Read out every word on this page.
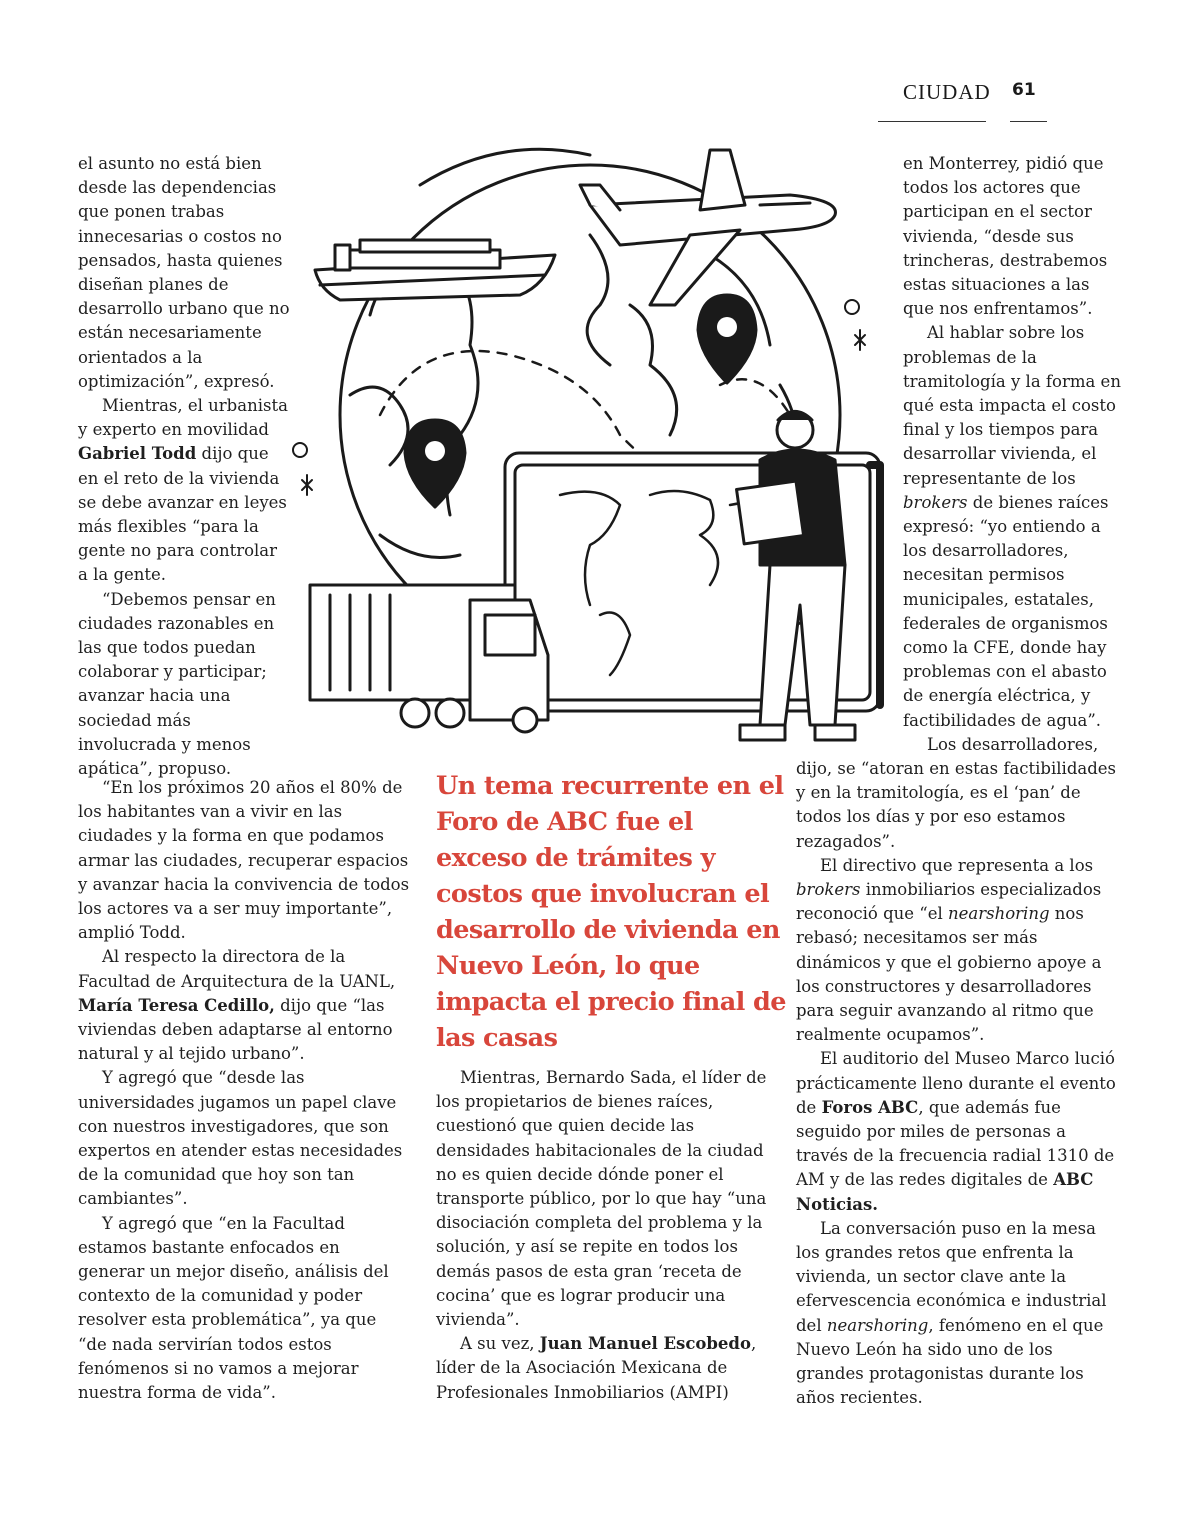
CIUDAD 61

el asunto no está bien desde las dependencias que ponen trabas innecesarias o costos no pensados, hasta quienes diseñan planes de desarrollo urbano que no están necesariamente orientados a la optimización”, expresó.

Mientras, el urbanista y experto en movilidad Gabriel Todd dijo que en el reto de la vivienda se debe avanzar en leyes más flexibles “para la gente no para controlar a la gente.

“Debemos pensar en ciudades razonables en las que todos puedan colaborar y participar; avanzar hacia una sociedad más involucrada y menos apática”, propuso.

“En los próximos 20 años el 80% de los habitantes van a vivir en las ciudades y la forma en que podamos armar las ciudades, recuperar espacios y avanzar hacia la convivencia de todos los actores va a ser muy importante”, amplió Todd.

Al respecto la directora de la Facultad de Arquitectura de la UANL, María Teresa Cedillo, dijo que “las viviendas deben adaptarse al entorno natural y al tejido urbano”.

Y agregó que “desde las universidades jugamos un papel clave con nuestros investigadores, que son expertos en atender estas necesidades de la comunidad que hoy son tan cambiantes”.

Y agregó que “en la Facultad estamos bastante enfocados en generar un mejor diseño, análisis del contexto de la comunidad y poder resolver esta problemática”, ya que “de nada servirían todos estos fenómenos si no vamos a mejorar nuestra forma de vida”.

Un tema recurrente en el Foro de ABC fue el exceso de trámites y costos que involucran el desarrollo de vivienda en Nuevo León, lo que impacta el precio final de las casas

Mientras, Bernardo Sada, el líder de los propietarios de bienes raíces, cuestionó que quien decide las densidades habitacionales de la ciudad no es quien decide dónde poner el transporte público, por lo que hay “una disociación completa del problema y la solución, y así se repite en todos los demás pasos de esta gran ‘receta de cocina’ que es lograr producir una vivienda”.

A su vez, Juan Manuel Escobedo, líder de la Asociación Mexicana de Profesionales Inmobiliarios (AMPI)

en Monterrey, pidió que todos los actores que participan en el sector vivienda, “desde sus trincheras, destrabemos estas situaciones a las que nos enfrentamos”.

Al hablar sobre los problemas de la tramitología y la forma en qué esta impacta el costo final y los tiempos para desarrollar vivienda, el representante de los brokers de bienes raíces expresó: “yo entiendo a los desarrolladores, necesitan permisos municipales, estatales, federales de organismos como la CFE, donde hay problemas con el abasto de energía eléctrica, y factibilidades de agua”.

Los desarrolladores,

dijo, se “atoran en estas factibilidades y en la tramitología, es el ‘pan’ de todos los días y por eso estamos rezagados”.

El directivo que representa a los brokers inmobiliarios especializados reconoció que “el nearshoring nos rebasó; necesitamos ser más dinámicos y que el gobierno apoye a los constructores y desarrolladores para seguir avanzando al ritmo que realmente ocupamos”.

El auditorio del Museo Marco lució prácticamente lleno durante el evento de Foros ABC, que además fue seguido por miles de personas a través de la frecuencia radial 1310 de AM y de las redes digitales de ABC Noticias.

La conversación puso en la mesa los grandes retos que enfrenta la vivienda, un sector clave ante la efervescencia económica e industrial del nearshoring, fenómeno en el que Nuevo León ha sido uno de los grandes protagonistas durante los años recientes.
